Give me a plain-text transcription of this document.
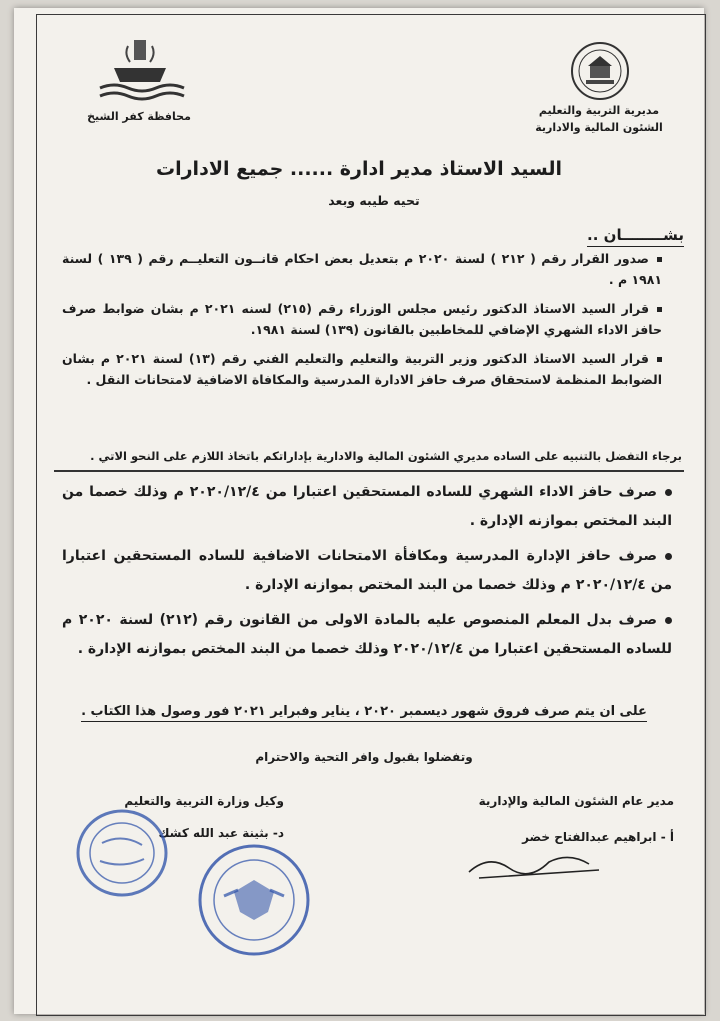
مديرية التربية والتعليم
الشئون المالية والادارية
محافظة كفر الشيخ
السيد الاستاذ مدير ادارة ...... جميع الادارات
تحيه طيبه وبعد
بشــــــــان ..
صدور القرار رقم ( ٢١٢ ) لسنة ٢٠٢٠ م بتعديل بعض احكام قانــون التعليــم رقم ( ١٣٩ ) لسنة ١٩٨١ م .
قرار السيد الاستاذ الدكتور رئيس مجلس الوزراء رقم (٢١٥) لسنه ٢٠٢١ م بشان ضوابط صرف حافز الاداء الشهري الإضافي للمخاطبين بالقانون (١٣٩) لسنة ١٩٨١.
قرار السيد الاستاذ الدكتور وزير التربية والتعليم والتعليم الفني رقم (١٣) لسنة ٢٠٢١ م بشان الضوابط المنظمة لاستحقاق صرف حافز الادارة المدرسية والمكافاة الاضافية لامتحانات النقل .
برجاء التفضل بالتنبيه على الساده مديري الشئون المالية والادارية بإداراتكم باتخاذ اللازم على النحو الاتي .
صرف حافز الاداء الشهري للساده المستحقين اعتبارا من ٢٠٢٠/١٢/٤ م وذلك خصما من البند المختص بموازنه الإدارة .
صرف حافز الإدارة المدرسية ومكافأة الامتحانات الاضافية للساده المستحقين اعتبارا من ٢٠٢٠/١٢/٤ م وذلك خصما من البند المختص بموازنه الإدارة .
صرف بدل المعلم المنصوص عليه بالمادة الاولى من القانون رقم (٢١٢) لسنة ٢٠٢٠ م للساده المستحقين اعتبارا من ٢٠٢٠/١٢/٤ وذلك خصما من البند المختص بموازنه الإدارة .
على ان يتم صرف فروق شهور ديسمبر ٢٠٢٠ ، يناير وفبراير ٢٠٢١ فور وصول هذا الكتاب .
وتفضلوا بقبول وافر التحية والاحترام
مدير عام الشئون المالية والإدارية
أ - ابراهيم عبدالفتاح خضر
وكيل وزارة التربية والتعليم
د- بثينة عبد الله كشك
